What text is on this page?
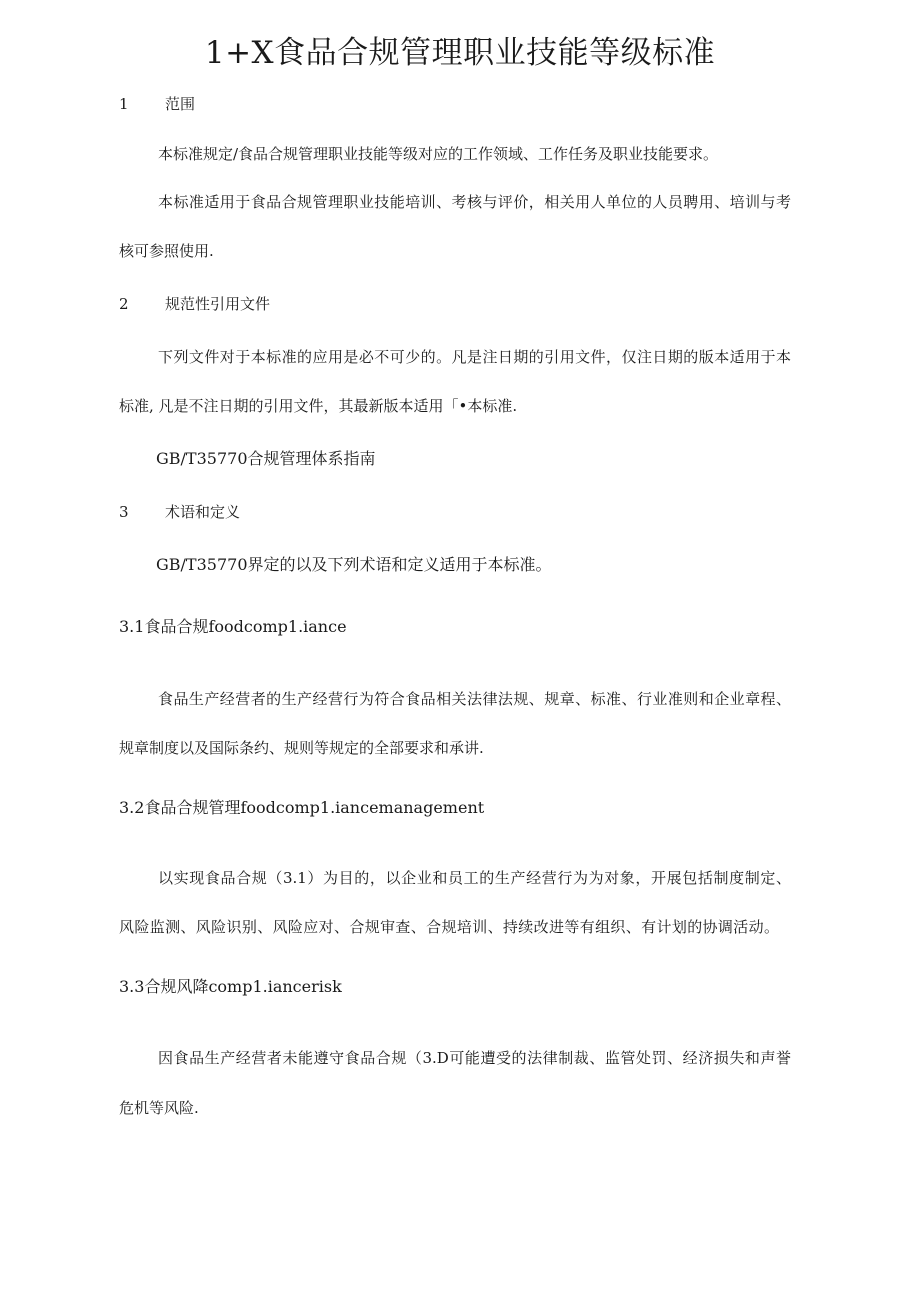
1+X食品合规管理职业技能等级标准
1 范围

本标准规定/食品合规管理职业技能等级对应的工作领域、工作任务及职业技能要求。

本标准适用于食品合规管理职业技能培训、考核与评价，相关用人单位的人员聘用、培训与考

核可参照使用.

2 规范性引用文件

下列文件对于本标准的应用是必不可少的。凡是注日期的引用文件，仅注日期的版本适用于本

标准, 凡是不注日期的引用文件，其最新版本适用「•本标准.

GB/T35770合规管理体系指南

3 术语和定义

GB/T35770界定的以及下列术语和定义适用于本标准。

3.1食品合规foodcomp1.iance

食品生产经营者的生产经营行为符合食品相关法律法规、规章、标准、行业准则和企业章程、

规章制度以及国际条约、规则等规定的全部要求和承讲.

3.2食品合规管理foodcomp1.iancemanagement

以实现食品合规（3.1）为目的，以企业和员工的生产经营行为为对象，开展包括制度制定、

风险监测、风险识别、风险应对、合规审查、合规培训、持续改进等有组织、有计划的协调活动。

3.3合规风降comp1.iancerisk

因食品生产经营者未能遵守食品合规（3.D可能遭受的法律制裁、监管处罚、经济损失和声誉

危机等风险.
